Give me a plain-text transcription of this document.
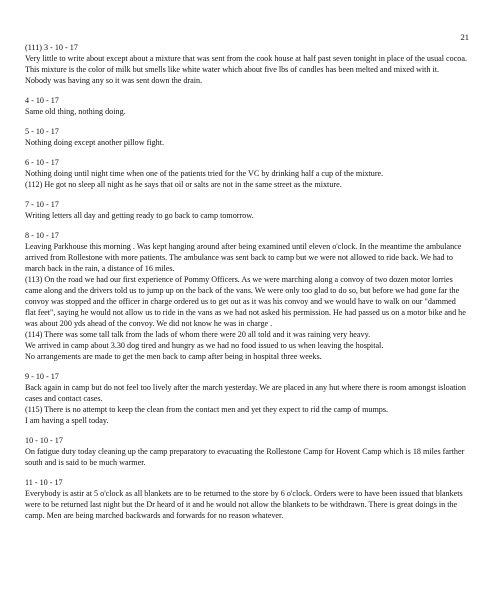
21
(111) 3 - 10 - 17
Very little to write about except about a mixture that was sent from the cook house at half past seven tonight in place of the usual cocoa. This mixture is the color of milk but smells like white water which about five lbs of candles has been melted and mixed with it. Nobody was having any so it was sent down the drain.
4 - 10 - 17
Same old thing, nothing doing.
5 - 10 - 17
Nothing doing except another pillow fight.
6 - 10 - 17
Nothing doing until night time when one of the patients tried for the VC by drinking half a cup of the mixture.
(112) He got no sleep all night as he says that oil or salts are not in the same street as the mixture.
7 - 10 - 17
Writing letters all day and getting ready to go back to camp tomorrow.
8 - 10 - 17
Leaving Parkhouse this morning . Was kept hanging around after being examined until eleven o'clock. In the meantime the ambulance arrived from Rollestone with more patients. The ambulance was sent back to camp but we were not allowed to ride back. We had to march back in the rain, a distance of 16 miles.
(113) On the road we had our first experience of Pommy Officers. As we were marching along a convoy of two dozen motor lorries came along and the drivers told us to jump up on the back of the vans. We were only too glad to do so, but before we had gone far the convoy was stopped and the officer in charge ordered us to get out as it was his convoy and we would have to walk on our "dammed flat feet", saying he would not allow us to ride in the vans as we had not asked his permission. He had passed us on a motor bike and he was about 200 yds ahead of the convoy. We did not know he was in charge .
(114) There was some tall talk from the lads of whom there were 20 all told and it was raining very heavy.
We arrived in camp about 3.30 dog tired and hungry as we had no food issued to us when leaving the hospital.
No arrangements are made to get the men back to camp after being in hospital three weeks.
9 - 10 - 17
Back again in camp but do not feel too lively after the march yesterday. We are placed in any hut where there is room amongst isloation cases and contact cases.
(115) There is no attempt to keep the clean from the contact men and yet they expect to rid the camp of mumps.
I am having a spell today.
10 - 10 - 17
On fatigue duty today cleaning up the camp preparatory to evacuating the Rollestone Camp for Hovent Camp which is 18 miles farther south and is said to be much warmer.
11 - 10 - 17
Everybody is astir at 5 o'clock as all blankets are to be returned to the store by 6 o'clock. Orders were to have been issued that blankets were to be returned last night but the Dr heard of it and he would not allow the blankets to be withdrawn. There is great doings in the camp. Men are being marched backwards and forwards for no reason whatever.
